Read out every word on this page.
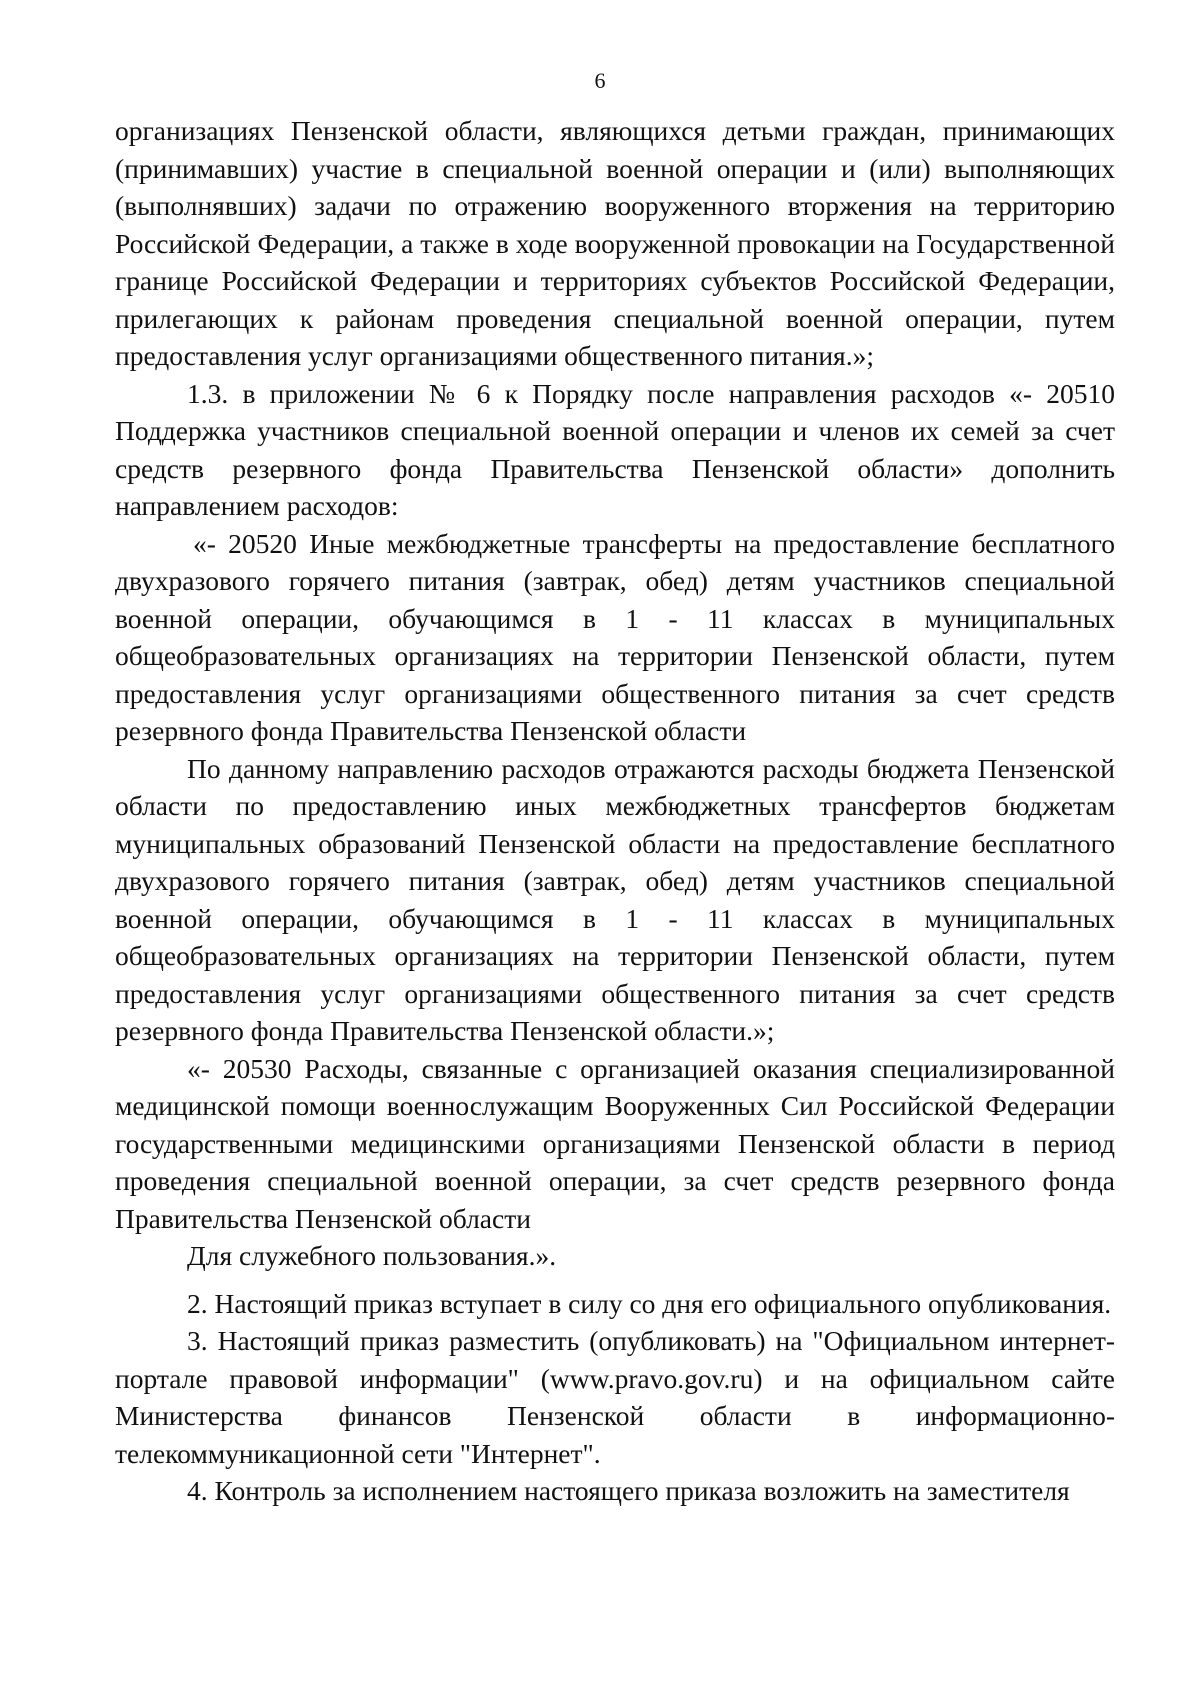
6

организациях Пензенской области, являющихся детьми граждан, принимающих (принимавших) участие в специальной военной операции и (или) выполняющих (выполнявших) задачи по отражению вооруженного вторжения на территорию Российской Федерации, а также в ходе вооруженной провокации на Государственной границе Российской Федерации и территориях субъектов Российской Федерации, прилегающих к районам проведения специальной военной операции, путем предоставления услуг организациями общественного питания.»;

1.3. в приложении № 6 к Порядку после направления расходов «- 20510 Поддержка участников специальной военной операции и членов их семей за счет средств резервного фонда Правительства Пензенской области» дополнить направлением расходов:

«- 20520 Иные межбюджетные трансферты на предоставление бесплатного двухразового горячего питания (завтрак, обед) детям участников специальной военной операции, обучающимся в 1 - 11 классах в муниципальных общеобразовательных организациях на территории Пензенской области, путем предоставления услуг организациями общественного питания за счет средств резервного фонда Правительства Пензенской области

По данному направлению расходов отражаются расходы бюджета Пензенской области по предоставлению иных межбюджетных трансфертов бюджетам муниципальных образований Пензенской области на предоставление бесплатного двухразового горячего питания (завтрак, обед) детям участников специальной военной операции, обучающимся в 1 - 11 классах в муниципальных общеобразовательных организациях на территории Пензенской области, путем предоставления услуг организациями общественного питания за счет средств резервного фонда Правительства Пензенской области.»;

«- 20530 Расходы, связанные с организацией оказания специализированной медицинской помощи военнослужащим Вооруженных Сил Российской Федерации государственными медицинскими организациями Пензенской области в период проведения специальной военной операции, за счет средств резервного фонда Правительства Пензенской области

Для служебного пользования.».

2. Настоящий приказ вступает в силу со дня его официального опубликования.

3. Настоящий приказ разместить (опубликовать) на "Официальном интернет-портале правовой информации" (www.pravo.gov.ru) и на официальном сайте Министерства финансов Пензенской области в информационно-телекоммуникационной сети "Интернет".

4. Контроль за исполнением настоящего приказа возложить на заместителя
